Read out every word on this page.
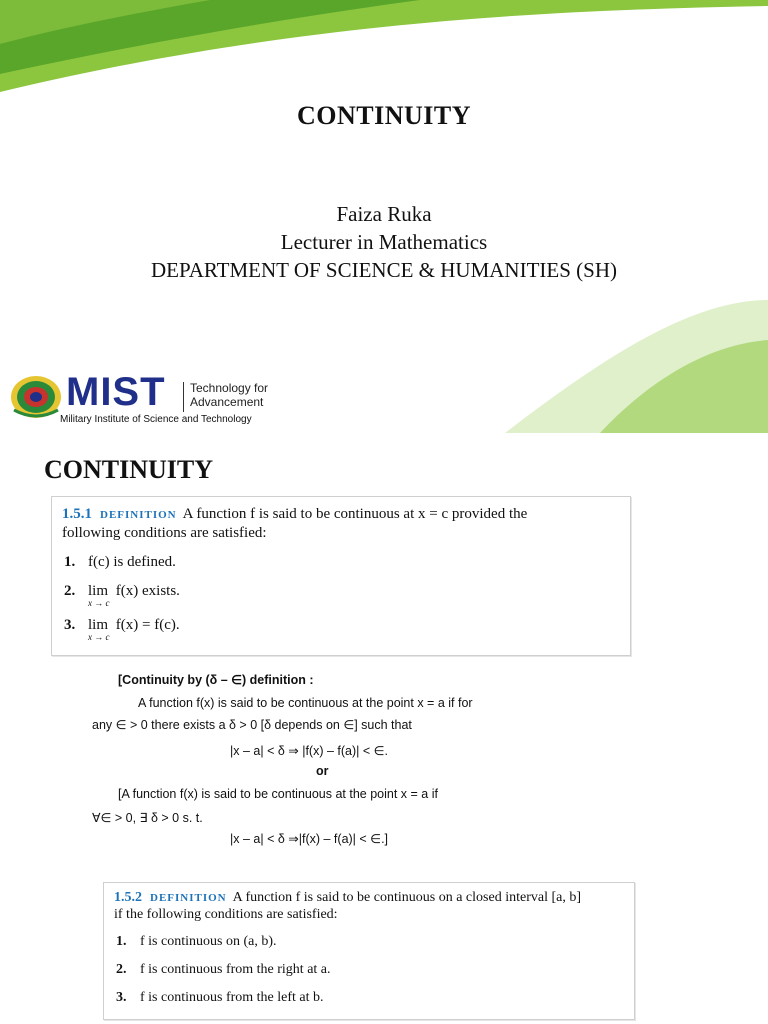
CONTINUITY
Faiza Ruka
Lecturer in Mathematics
DEPARTMENT OF SCIENCE & HUMANITIES (SH)
MIST Technology for
Advancement
Military Institute of Science and Technology
CONTINUITY
1.5.1 DEFINITION A function f is said to be continuous at x = c provided the
following conditions are satisfied:
1. f(c) is defined.
2. lim
x → c
f(x) exists.
3. lim
x → c
f(x) = f(c).
[Continuity by (δ – ∈) definition :
A function f(x) is said to be continuous at the point x = a if for
any ∈ > 0 there exists a δ > 0 [δ depends on ∈] such that
|x – a| < δ ⇒ |f(x) – f(a)| < ∈.
or
[A function f(x) is said to be continuous at the point x = a if
∀∈ > 0, ∃ δ > 0 s. t.
|x – a| < δ ⇒|f(x) – f(a)| < ∈.]
1.5.2 DEFINITION A function f is said to be continuous on a closed interval [a, b]
if the following conditions are satisfied:
1. f is continuous on (a, b).
2. f is continuous from the right at a.
3. f is continuous from the left at b.
